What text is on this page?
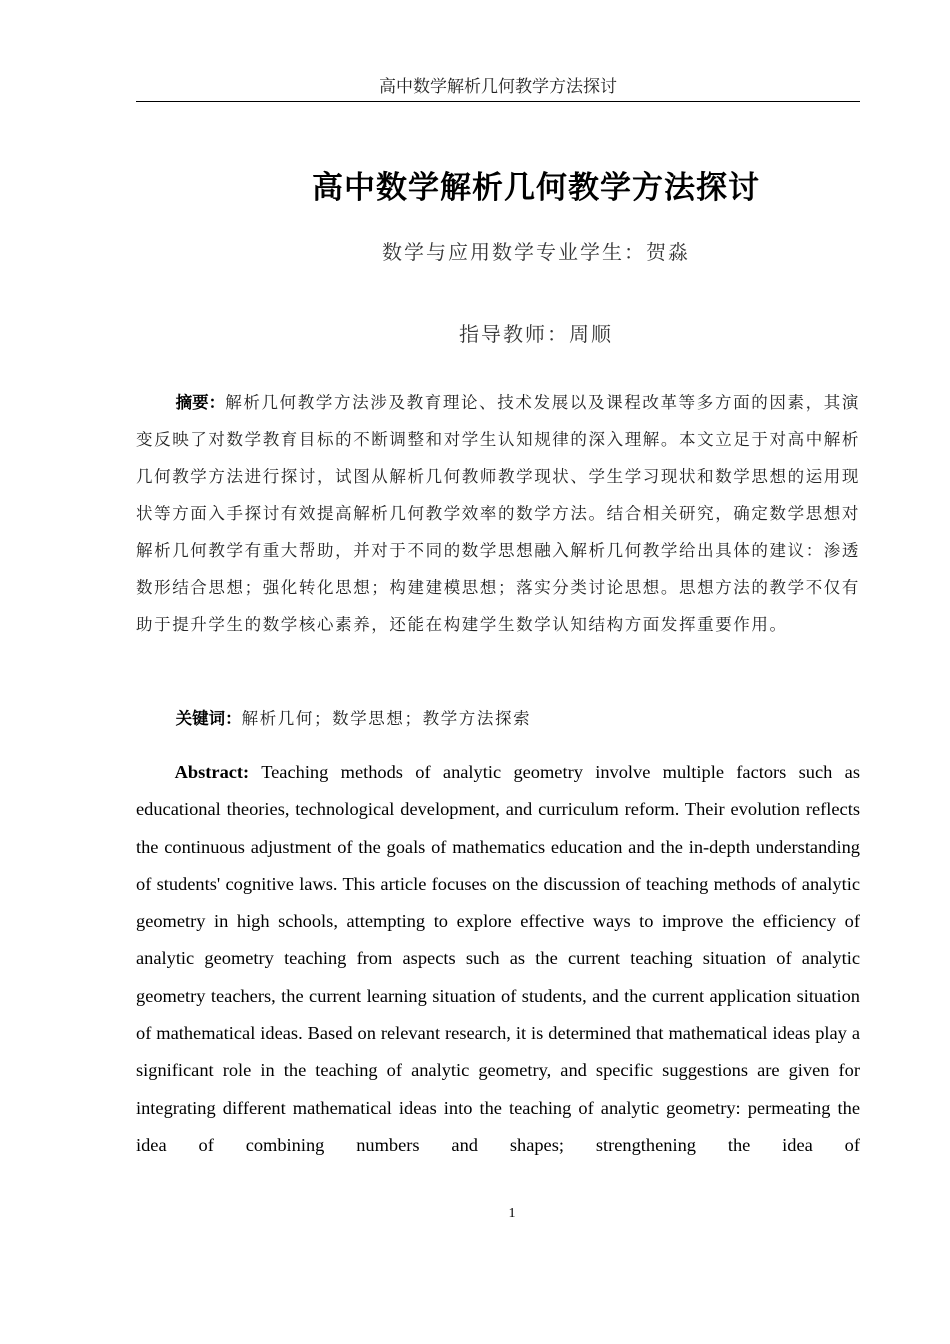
高中数学解析几何教学方法探讨
高中数学解析几何教学方法探讨
数学与应用数学专业学生：贺淼
指导教师：周顺
摘要：解析几何教学方法涉及教育理论、技术发展以及课程改革等多方面的因素，其演变反映了对数学教育目标的不断调整和对学生认知规律的深入理解。本文立足于对高中解析几何教学方法进行探讨，试图从解析几何教师教学现状、学生学习现状和数学思想的运用现状等方面入手探讨有效提高解析几何教学效率的数学方法。结合相关研究，确定数学思想对解析几何教学有重大帮助，并对于不同的数学思想融入解析几何教学给出具体的建议：渗透数形结合思想；强化转化思想；构建建模思想；落实分类讨论思想。思想方法的教学不仅有助于提升学生的数学核心素养，还能在构建学生数学认知结构方面发挥重要作用。
关键词：解析几何；数学思想；教学方法探索
Abstract: Teaching methods of analytic geometry involve multiple factors such as educational theories, technological development, and curriculum reform. Their evolution reflects the continuous adjustment of the goals of mathematics education and the in-depth understanding of students' cognitive laws. This article focuses on the discussion of teaching methods of analytic geometry in high schools, attempting to explore effective ways to improve the efficiency of analytic geometry teaching from aspects such as the current teaching situation of analytic geometry teachers, the current learning situation of students, and the current application situation of mathematical ideas. Based on relevant research, it is determined that mathematical ideas play a significant role in the teaching of analytic geometry, and specific suggestions are given for integrating different mathematical ideas into the teaching of analytic geometry: permeating the idea of combining numbers and shapes; strengthening the idea of
1
